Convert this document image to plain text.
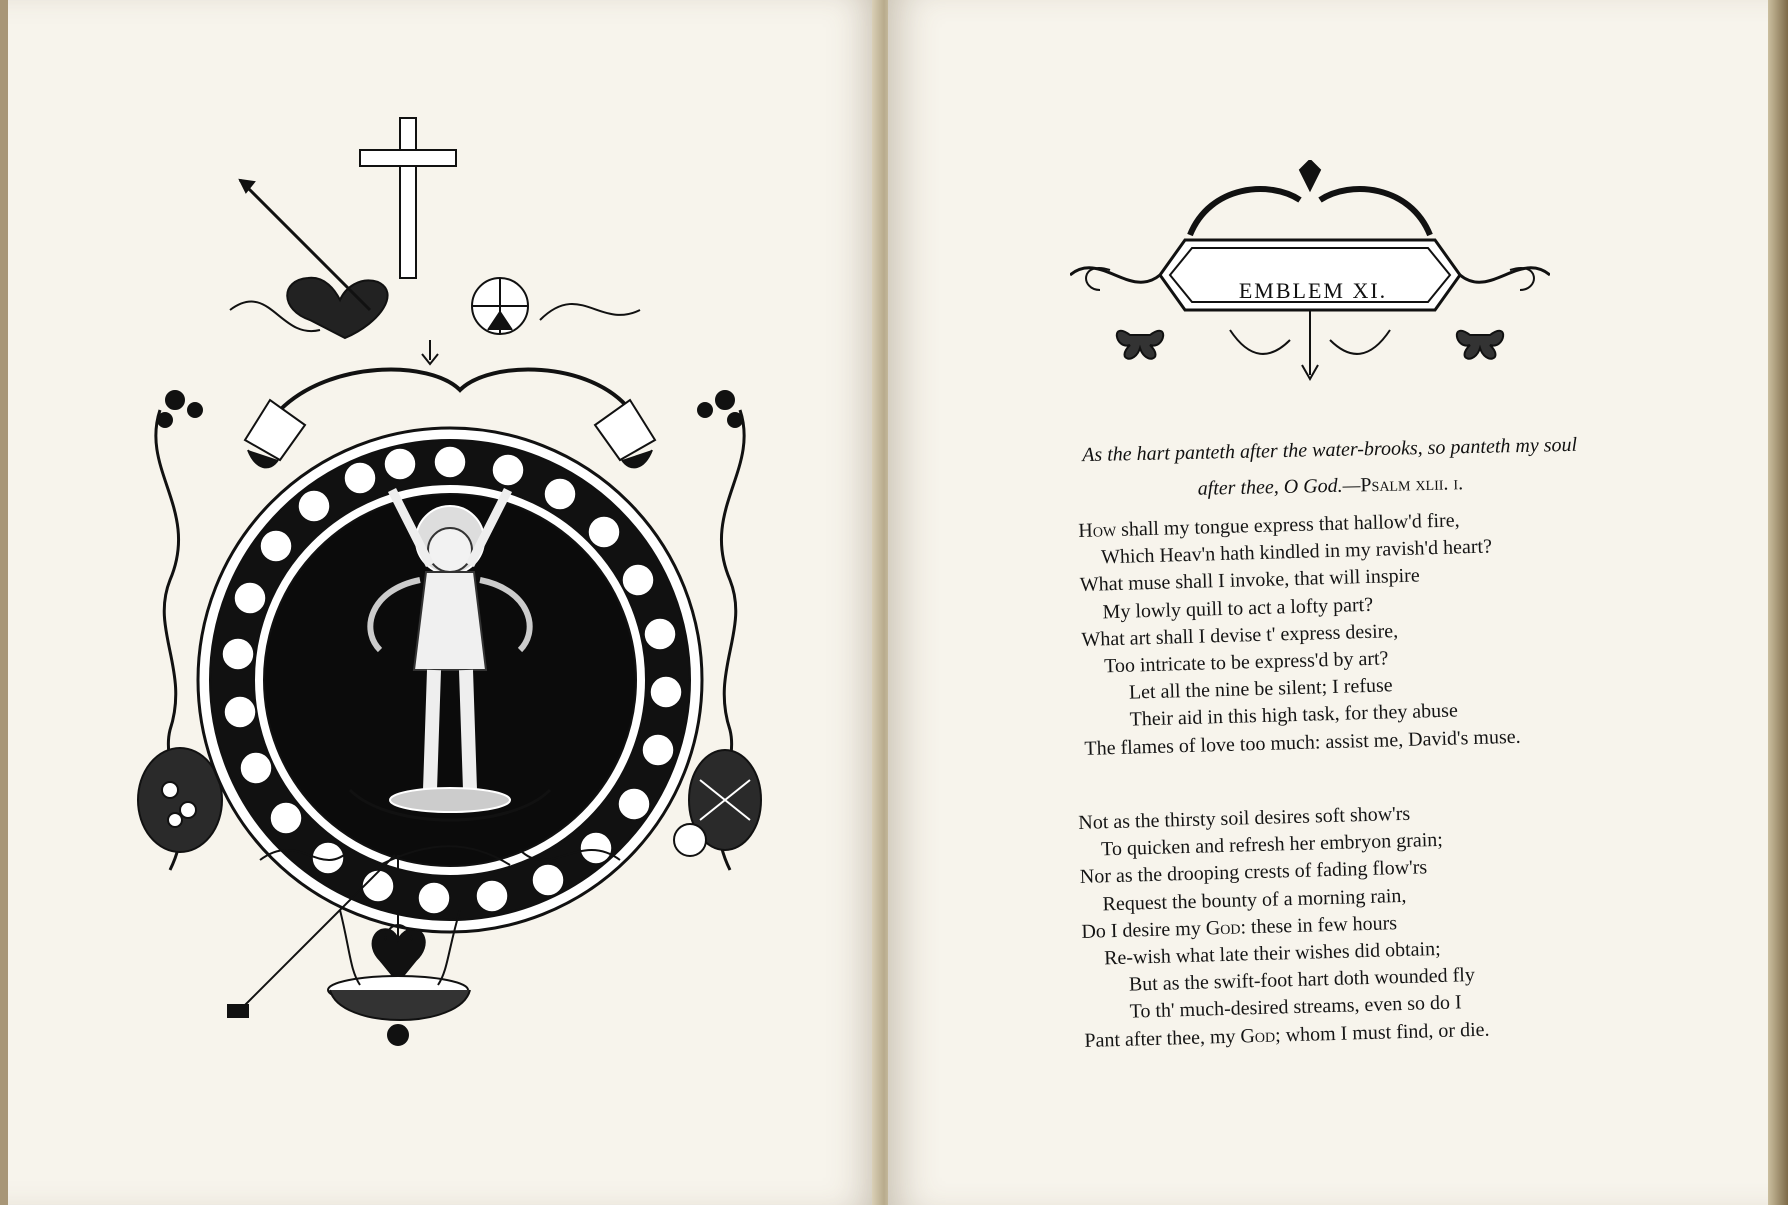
EMBLEM XI.
As the hart panteth after the water-brooks, so panteth my soul
after thee, O God.—Psalm xlii. i.
How shall my tongue express that hallow'd fire,
Which Heav'n hath kindled in my ravish'd heart?
What muse shall I invoke, that will inspire
My lowly quill to act a lofty part?
What art shall I devise t' express desire,
Too intricate to be express'd by art?
Let all the nine be silent; I refuse
Their aid in this high task, for they abuse
The flames of love too much: assist me, David's muse.
Not as the thirsty soil desires soft show'rs
To quicken and refresh her embryon grain;
Nor as the drooping crests of fading flow'rs
Request the bounty of a morning rain,
Do I desire my God: these in few hours
Re-wish what late their wishes did obtain;
But as the swift-foot hart doth wounded fly
To th' much-desired streams, even so do I
Pant after thee, my God; whom I must find, or die.
